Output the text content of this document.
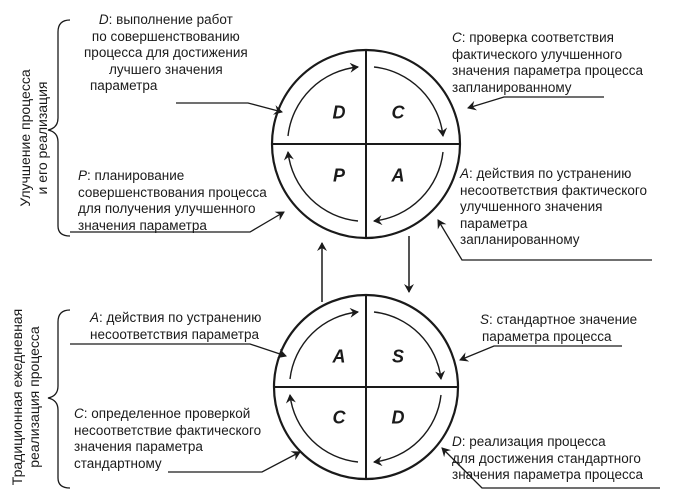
D	C
P	A
A	S
C	D
Улучшение процесса и его реализация
Традиционная ежедневная реализация процесса
D: выполнение работ
по совершенствованию
процесса для достижения
лучшего значения
параметра
C: проверка соответствия
фактического улучшенного
значения параметра процесса
запланированному
P: планирование
совершенствования процесса
для получения улучшенного
значения параметра
A: действия по устранению
несоответствия фактического
улучшенного значения
параметра
запланированному
A: действия по устранению
несоответствия параметра
S: стандартное значение
параметра процесса
C: определенное проверкой
несоответствие фактического
значения параметра
стандартному
D: реализация процесса
для достижения стандартного
значения параметра процесса
